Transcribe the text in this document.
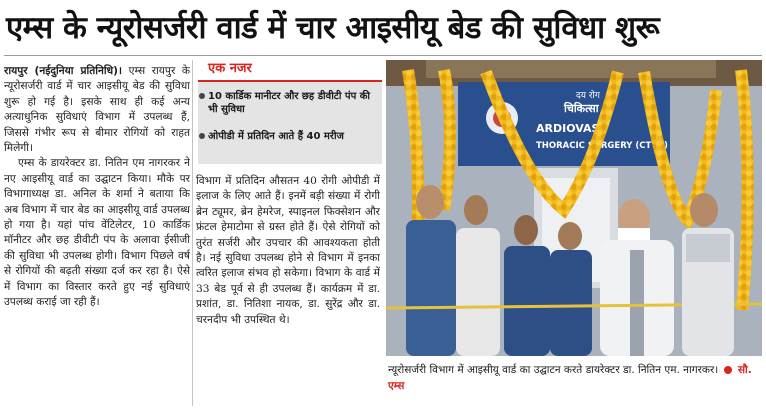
एम्स के न्यूरोसर्जरी वार्ड में चार आइसीयू बेड की सुविधा शुरू

रायपुर (नईदुनिया प्रतिनिधि)। एम्स रायपुर के न्यूरोसर्जरी वार्ड में चार आइसीयू बेड की सुविधा शुरू हो गई है। इसके साथ ही कई अन्य अत्याधुनिक सुविधाएं विभाग में उपलब्ध हैं, जिससे गंभीर रूप से बीमार रोगियों को राहत मिलेगी।

एम्स के डायरेक्टर डा. नितिन एम नागरकर ने नए आइसीयू वार्ड का उद्घाटन किया। मौके पर विभागाध्यक्ष डा. अनिल के शर्मा ने बताया कि अब विभाग में चार बेड का आइसीयू वार्ड उपलब्ध हो गया है। यहां पांच वेंटिलेटर, 10 कार्डिक मॉनीटर और छह डीवीटी पंप के अलावा ईसीजी की सुविधा भी उपलब्ध होगी। विभाग पिछले वर्ष से रोगियों की बढ़ती संख्या दर्ज कर रहा है। ऐसे में विभाग का विस्तार करते हुए नई सुविधाएं उपलब्ध कराई जा रही हैं।

एक नजर
10 कार्डिक मानीटर और छह डीवीटी पंप की भी सुविधा
ओपीडी में प्रतिदिन आते हैं 40 मरीज

विभाग में प्रतिदिन औसतन 40 रोगी ओपीडी में इलाज के लिए आते हैं। इनमें बड़ी संख्या में रोगी ब्रेन ट्यूमर, ब्रेन हेमरेज, स्पाइनल फिक्सेशन और फ्रंटल हेमाटोमा से ग्रस्त होते हैं। ऐसे रोगियों को तुरंत सर्जरी और उपचार की आवश्यकता होती है। नई सुविधा उपलब्ध होने से विभाग में इनका त्वरित इलाज संभव हो सकेगा। विभाग के वार्ड में 33 बेड पूर्व से ही उपलब्ध हैं। कार्यक्रम में डा. प्रशांत, डा. नितिशा नायक, डा. सुरेंद्र और डा. चरनदीप भी उपस्थित थे।

दय रोग
चिकित्सा
ARDIOVASC
THORACIC SURGERY (CTVS)
न्यूरोसर्जरी विभाग में आइसीयू वार्ड का उद्घाटन करते डायरेक्टर डा. नितिन एम. नागरकर। सौ. एम्स
